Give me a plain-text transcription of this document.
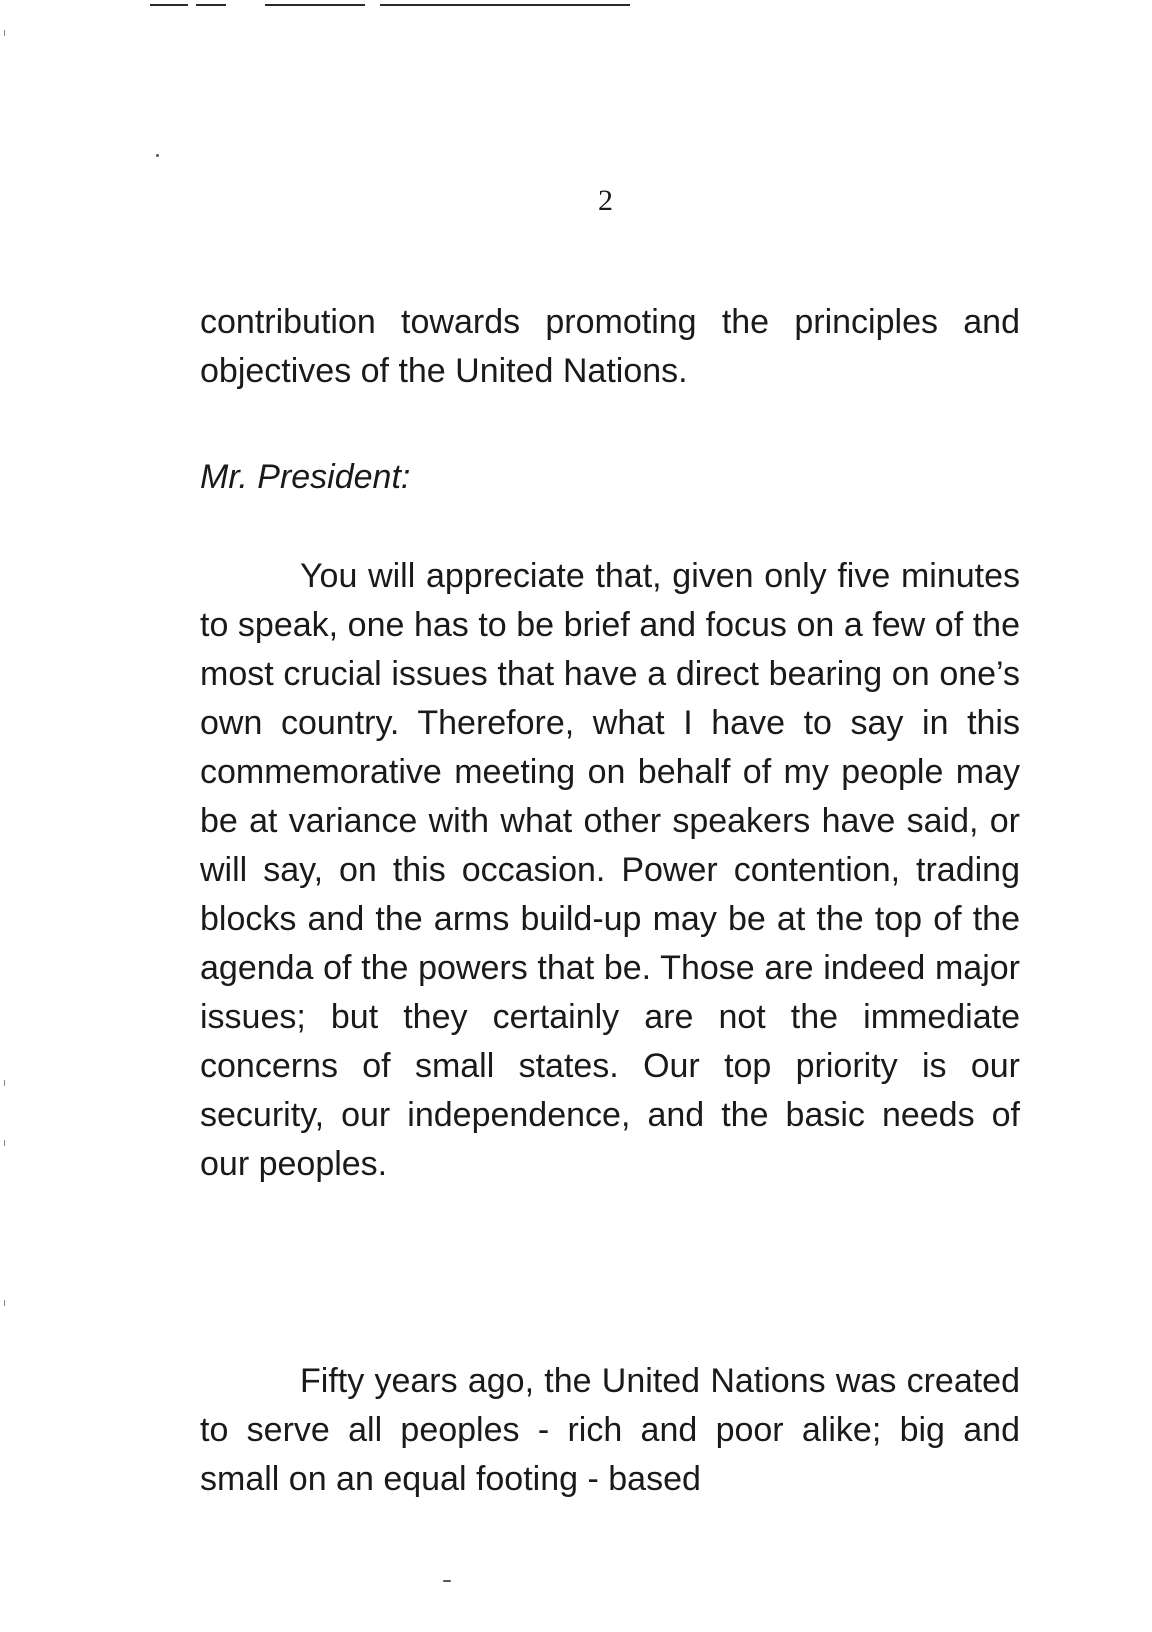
2

contribution towards promoting the principles and objectives of the United Nations.

Mr. President:

You will appreciate that, given only five minutes to speak, one has to be brief and focus on a few of the most crucial issues that have a direct bearing on one’s own country. Therefore, what I have to say in this commemorative meeting on behalf of my people may be at variance with what other speakers have said, or will say, on this occasion. Power contention, trading blocks and the arms build-up may be at the top of the agenda of the powers that be. Those are indeed major issues; but they certainly are not the immediate concerns of small states. Our top priority is our security, our independence, and the basic needs of our peoples.

Fifty years ago, the United Nations was created to serve all peoples - rich and poor alike; big and small on an equal footing - based
